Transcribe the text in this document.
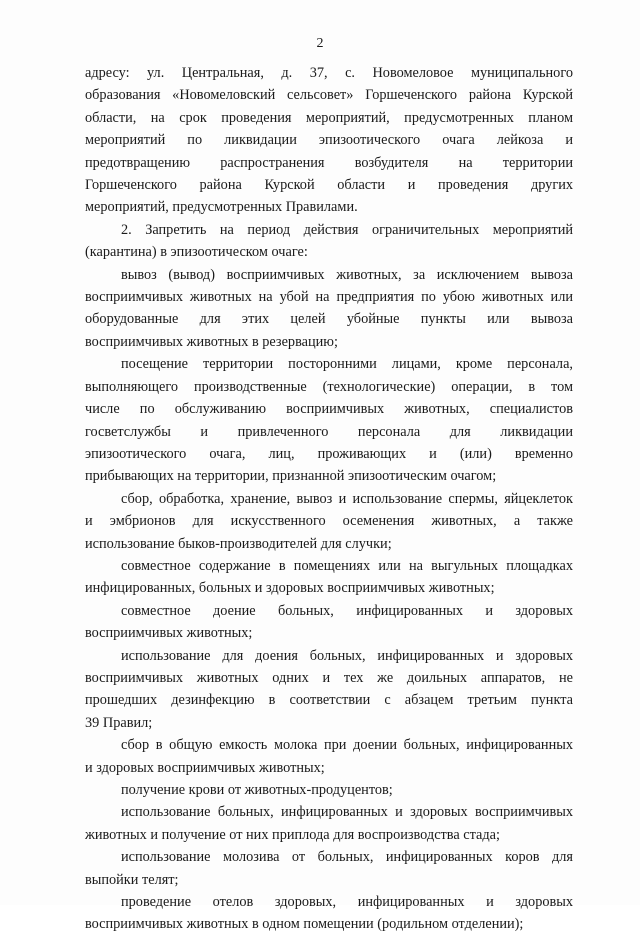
2
адресу: ул. Центральная, д. 37, с. Новомеловое муниципального
образования «Новомеловский сельсовет» Горшеченского района Курской
области, на срок проведения мероприятий, предусмотренных планом
мероприятий по ликвидации эпизоотического очага лейкоза и
предотвращению распространения возбудителя на территории
Горшеченского района Курской области и проведения других
мероприятий, предусмотренных Правилами.
2. Запретить на период действия ограничительных мероприятий
(карантина) в эпизоотическом очаге:
вывоз (вывод) восприимчивых животных, за исключением вывоза
восприимчивых животных на убой на предприятия по убою животных или
оборудованные для этих целей убойные пункты или вывоза
восприимчивых животных в резервацию;
посещение территории посторонними лицами, кроме персонала,
выполняющего производственные (технологические) операции, в том
числе по обслуживанию восприимчивых животных, специалистов
госветслужбы и привлеченного персонала для ликвидации
эпизоотического очага, лиц, проживающих и (или) временно
прибывающих на территории, признанной эпизоотическим очагом;
сбор, обработка, хранение, вывоз и использование спермы, яйцеклеток
и эмбрионов для искусственного осеменения животных, а также
использование быков-производителей для случки;
совместное содержание в помещениях или на выгульных площадках
инфицированных, больных и здоровых восприимчивых животных;
совместное доение больных, инфицированных и здоровых
восприимчивых животных;
использование для доения больных, инфицированных и здоровых
восприимчивых животных одних и тех же доильных аппаратов, не
прошедших дезинфекцию в соответствии с абзацем третьим пункта
39 Правил;
сбор в общую емкость молока при доении больных, инфицированных
и здоровых восприимчивых животных;
получение крови от животных-продуцентов;
использование больных, инфицированных и здоровых восприимчивых
животных и получение от них приплода для воспроизводства стада;
использование молозива от больных, инфицированных коров для
выпойки телят;
проведение отелов здоровых, инфицированных и здоровых
восприимчивых животных в одном помещении (родильном отделении);
